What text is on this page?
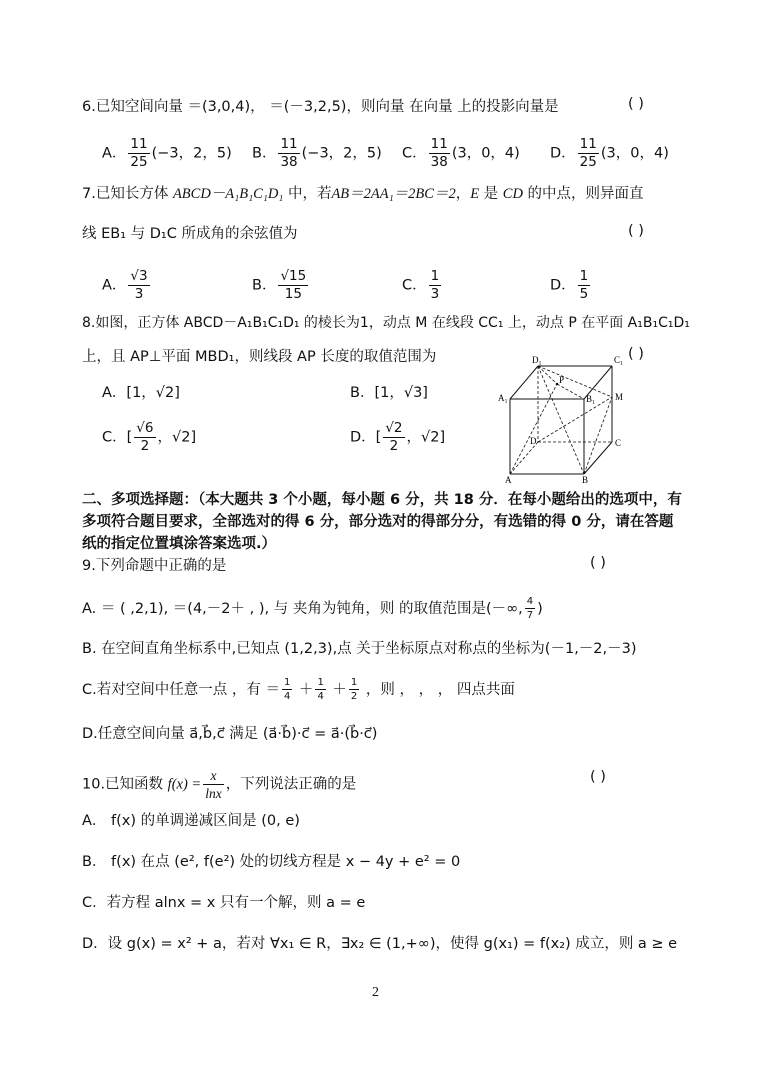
6.已知空间向量 ＝(3,0,4)， ＝(－3,2,5)，则向量 在向量 上的投影向量是	( )
A． $\frac{11}{25} (-3$，2，5) B． $\frac{11}{38} (-3$，2，5) C． $\frac{11}{38} (3$，0，4) D． $\frac{11}{25} (3$，0，4)
7.已知长方体 ABCD－A₁B₁C₁D₁ 中，若AB＝2AA₁＝2BC＝2，E 是 CD 的中点，则异面直
线 EB₁ 与 D₁C 所成角的余弦值为	( )
A． $\frac{√3}{3}$	B． $\frac{√15}{15}$	C． $\frac{1}{3}$	D． $\frac{1}{5}$
8.如图，正方体 ABCD－A₁B₁C₁D₁ 的棱长为1，动点 M 在线段 CC₁ 上，动点 P 在平面 A₁B₁C₁D₁
上，且 AP⊥平面 MBD₁，则线段 AP 长度的取值范围为	( )
A．[1，√2]	B．[1，√3]
C．[ $\frac{√6}{2}$ ，√2]	D．[ $\frac{√2}{2}$ ，√2]
D₁	C₁
A₁	B₁
P
M
D	C
A	B
二、多项选择题：（本大题共 3 个小题，每小题 6 分，共 18 分．在每小题给出的选项中，有多项符合题目要求，全部选对的得 6 分，部分选对的得部分分，有选错的得 0 分，请在答题纸的指定位置填涂答案选项.）
9.下列命题中正确的是	( )
A. ＝ ( ,2,1), ＝(4,－2＋ , ), 与 夹角为钝角，则 的取值范围是(－∞, $\frac{4}{7}$ )
B. 在空间直角坐标系中,已知点 (1,2,3),点 关于坐标原点对称点的坐标为(－1,－2,－3)
C.若对空间中任意一点 ，有 ＝ $\frac{1}{4} + \frac{1}{4} + \frac{1}{2}$ ，则 ， ， ， 四点共面
D.任意空间向量 a⃗,b⃗,c⃗ 满足 (a⃗·b⃗)·c⃗ = a⃗·(b⃗·c⃗)
10.已知函数 $f(x) = \frac{x}{\ln x}$ ，下列说法正确的是	( )
A． f(x) 的单调递减区间是 (0, e)
B． f(x) 在点 (e², f(e²) 处的切线方程是 x − 4y + e² = 0
C．若方程 alnx = x 只有一个解，则 a = e
D．设 g(x) = x² + a，若对 ∀x₁ ∈ R，∃x₂ ∈ (1,+∞)，使得 g(x₁) = f(x₂) 成立，则 a ≥ e
2
